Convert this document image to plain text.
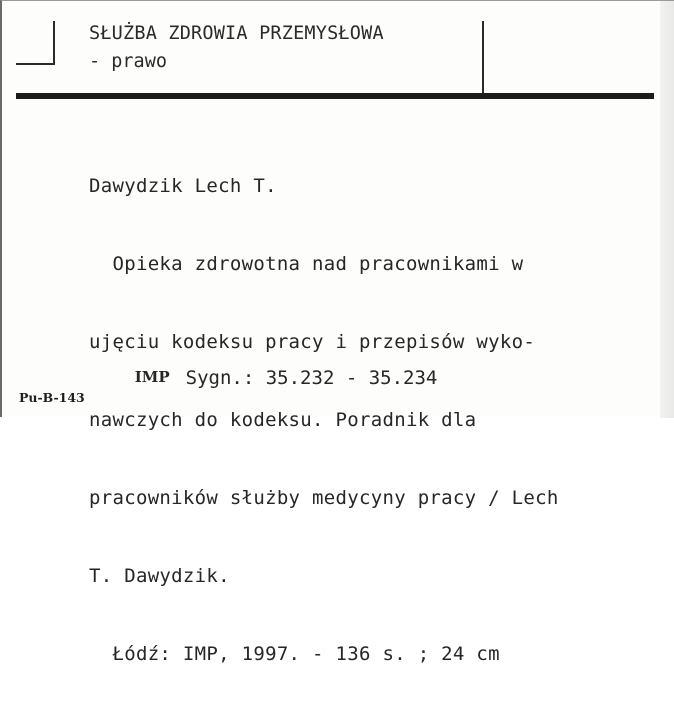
SŁUŻBA ZDROWIA PRZEMYSŁOWA
- prawo

Dawydzik Lech T.

Opieka zdrowotna nad pracownikami w

ujęciu kodeksu pracy i przepisów wyko-

nawczych do kodeksu. Poradnik dla

pracowników służby medycyny pracy / Lech

T. Dawydzik.

Łódź: IMP, 1997. - 136 s. ; 24 cm

IMP Sygn.: 35.232 - 35.234

Pu-B-143
